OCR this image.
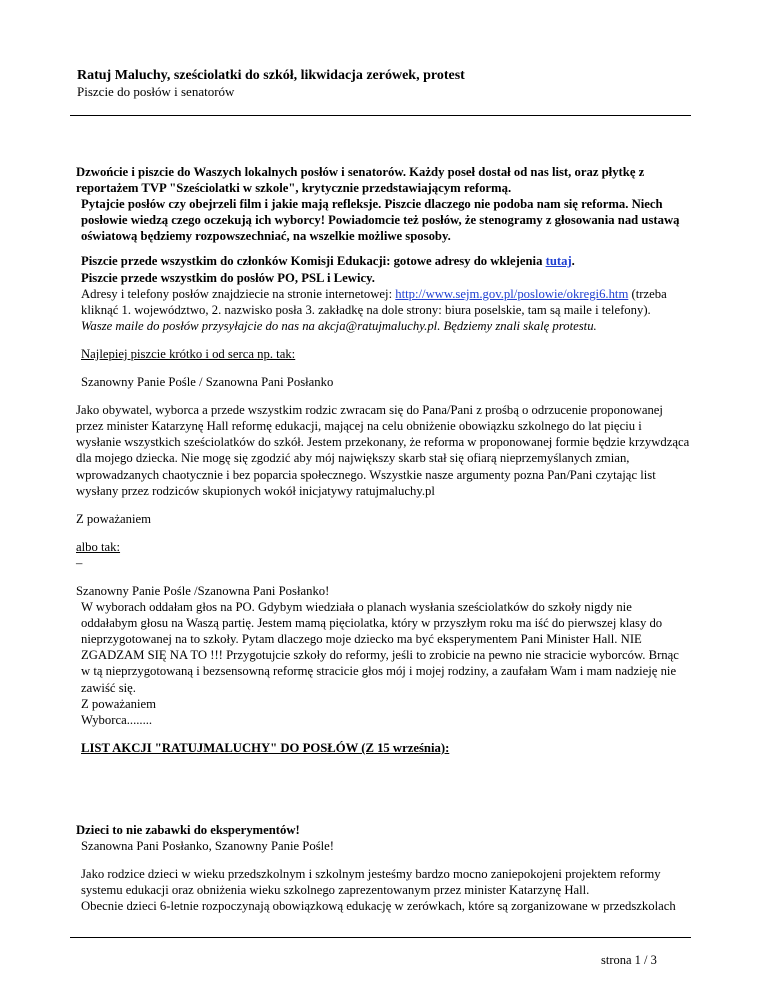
Ratuj Maluchy, sześciolatki do szkół, likwidacja zerówek, protest
Piszcie do posłów i senatorów

Dzwońcie i piszcie do Waszych lokalnych posłów i senatorów. Każdy poseł dostał od nas list, oraz płytkę z reportażem TVP "Sześciolatki w szkole", krytycznie przedstawiającym reformą.

Pytajcie posłów czy obejrzeli film i jakie mają refleksje. Piszcie dlaczego nie podoba nam się reforma. Niech posłowie wiedzą czego oczekują ich wyborcy! Powiadomcie też posłów, że stenogramy z głosowania nad ustawą oświatową będziemy rozpowszechniać, na wszelkie możliwe sposoby.

Piszcie przede wszystkim do członków Komisji Edukacji: gotowe adresy do wklejenia tutaj.

Piszcie przede wszystkim do posłów PO, PSL i Lewicy.

Adresy i telefony posłów znajdziecie na stronie internetowej: http://www.sejm.gov.pl/poslowie/okregi6.htm (trzeba kliknąć 1. województwo, 2. nazwisko posła 3. zakładkę na dole strony: biura poselskie, tam są maile i telefony).

Wasze maile do posłów przysyłajcie do nas na akcja@ratujmaluchy.pl. Będziemy znali skalę protestu.

Najlepiej piszcie krótko i od serca np. tak:

Szanowny Panie Pośle / Szanowna Pani Posłanko

Jako obywatel, wyborca a przede wszystkim rodzic zwracam się do Pana/Pani z prośbą o odrzucenie proponowanej przez minister Katarzynę Hall reformę edukacji, mającej na celu obniżenie obowiązku szkolnego do lat pięciu i wysłanie wszystkich sześciolatków do szkół. Jestem przekonany, że reforma w proponowanej formie będzie krzywdząca dla mojego dziecka. Nie mogę się zgodzić aby mój największy skarb stał się ofiarą nieprzemyślanych zmian, wprowadzanych chaotycznie i bez poparcia społecznego. Wszystkie nasze argumenty pozna Pan/Pani czytając list wysłany przez rodziców skupionych wokół inicjatywy ratujmaluchy.pl

Z poważaniem

albo tak:

–

Szanowny Panie Pośle /Szanowna Pani Posłanko!

W wyborach oddałam głos na PO. Gdybym wiedziała o planach wysłania sześciolatków do szkoły nigdy nie oddałabym głosu na Waszą partię. Jestem mamą pięciolatka, który w przyszłym roku ma iść do pierwszej klasy do nieprzygotowanej na to szkoły. Pytam dlaczego moje dziecko ma być eksperymentem Pani Minister Hall. NIE ZGADZAM SIĘ NA TO !!! Przygotujcie szkoły do reformy, jeśli to zrobicie na pewno nie stracicie wyborców. Brnąc

w tą nieprzygotowaną i bezsensowną reformę stracicie głos mój i mojej rodziny, a zaufałam Wam i mam nadzieję nie zawiść się.

Z poważaniem

Wyborca........

LIST AKCJI "RATUJMALUCHY" DO POSŁÓW (Z 15 września):

Dzieci to nie zabawki do eksperymentów!

Szanowna Pani Posłanko, Szanowny Panie Pośle!

Jako rodzice dzieci w wieku przedszkolnym i szkolnym jesteśmy bardzo mocno zaniepokojeni projektem reformy systemu edukacji oraz obniżenia wieku szkolnego zaprezentowanym przez minister Katarzynę Hall.

Obecnie dzieci 6-letnie rozpoczynają obowiązkową edukację w zerówkach, które są zorganizowane w przedszkolach

strona 1 / 3
